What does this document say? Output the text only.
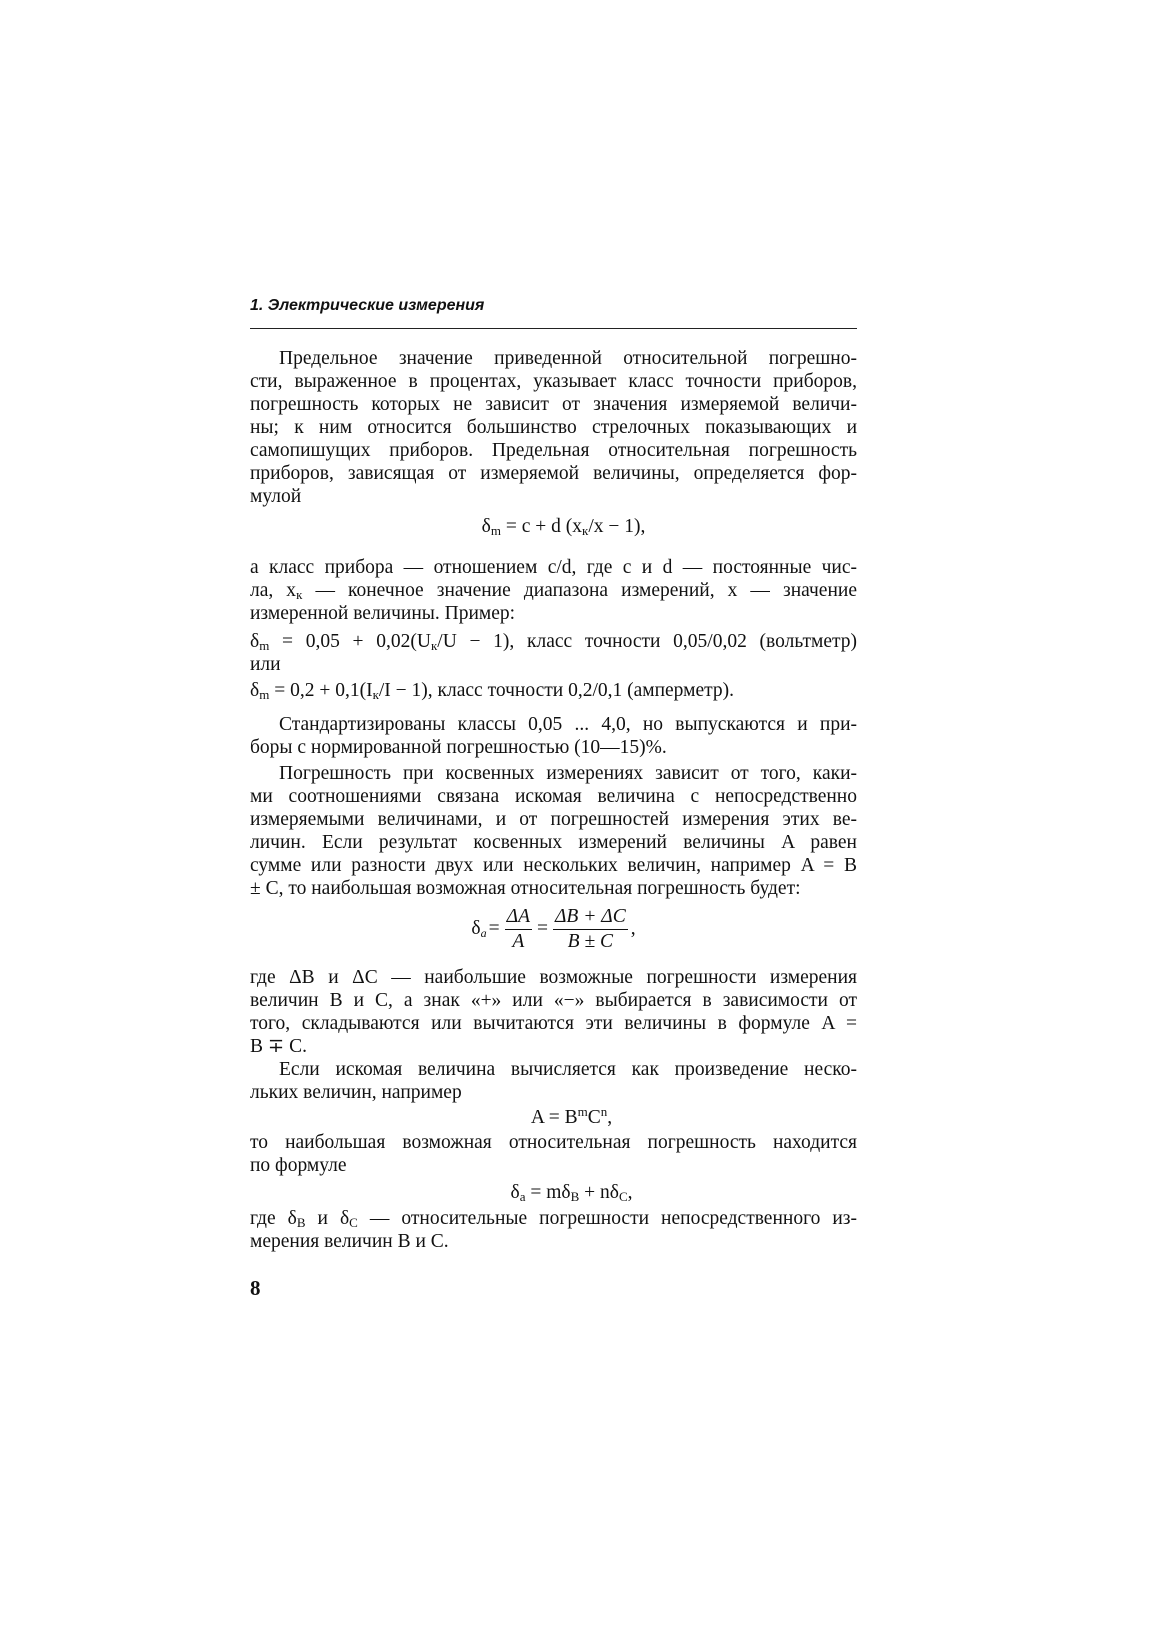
1. Электрические измерения
Предельное значение приведенной относительной погрешно-
сти, выраженное в процентах, указывает класс точности приборов,
погрешность которых не зависит от значения измеряемой величи-
ны; к ним относится большинство стрелочных показывающих и
самопишущих приборов. Предельная относительная погрешность
приборов, зависящая от измеряемой величины, определяется фор-
мулой
$\delta_m = c + d$ $(x_к/x - 1)$,
а класс прибора — отношением c/d, где c и d — постоянные чис-
ла, $x_к$ — конечное значение диапазона измерений, x — значение
измеренной величины. Пример:
$\delta_m = 0,05 + 0,02(U_к/U - 1)$, класс точности 0,05/0,02 (вольтметр)
или
$\delta_m = 0,2 + 0,1(I_к/I - 1)$, класс точности 0,2/0,1 (амперметр).
Стандартизированы классы 0,05 ... 4,0, но выпускаются и при-
боры с нормированной погрешностью (10—15)%.
Погрешность при косвенных измерениях зависит от того, каки-
ми соотношениями связана искомая величина с непосредственно
измеряемыми величинами, и от погрешностей измерения этих ве-
личин. Если результат косвенных измерений величины A равен
сумме или разности двух или нескольких величин, например A = B
± C, то наибольшая возможная относительная погрешность будет:
$\delta_a = \frac{\Delta A}{A} = \frac{\Delta B + \Delta C}{B \pm C}$ ,
где ΔB и ΔC — наибольшие возможные погрешности измерения
величин B и C, а знак «+» или «−» выбирается в зависимости от
того, складываются или вычитаются эти величины в формуле A =
B ∓ C.
Если искомая величина вычисляется как произведение неско-
льких величин, например
$A = B^mC^n$,
то наибольшая возможная относительная погрешность находится
по формуле
$\delta_a = m\delta_B + n\delta_C$,
где $\delta_B$ и $\delta_C$ — относительные погрешности непосредственного из-
мерения величин B и C.
8
